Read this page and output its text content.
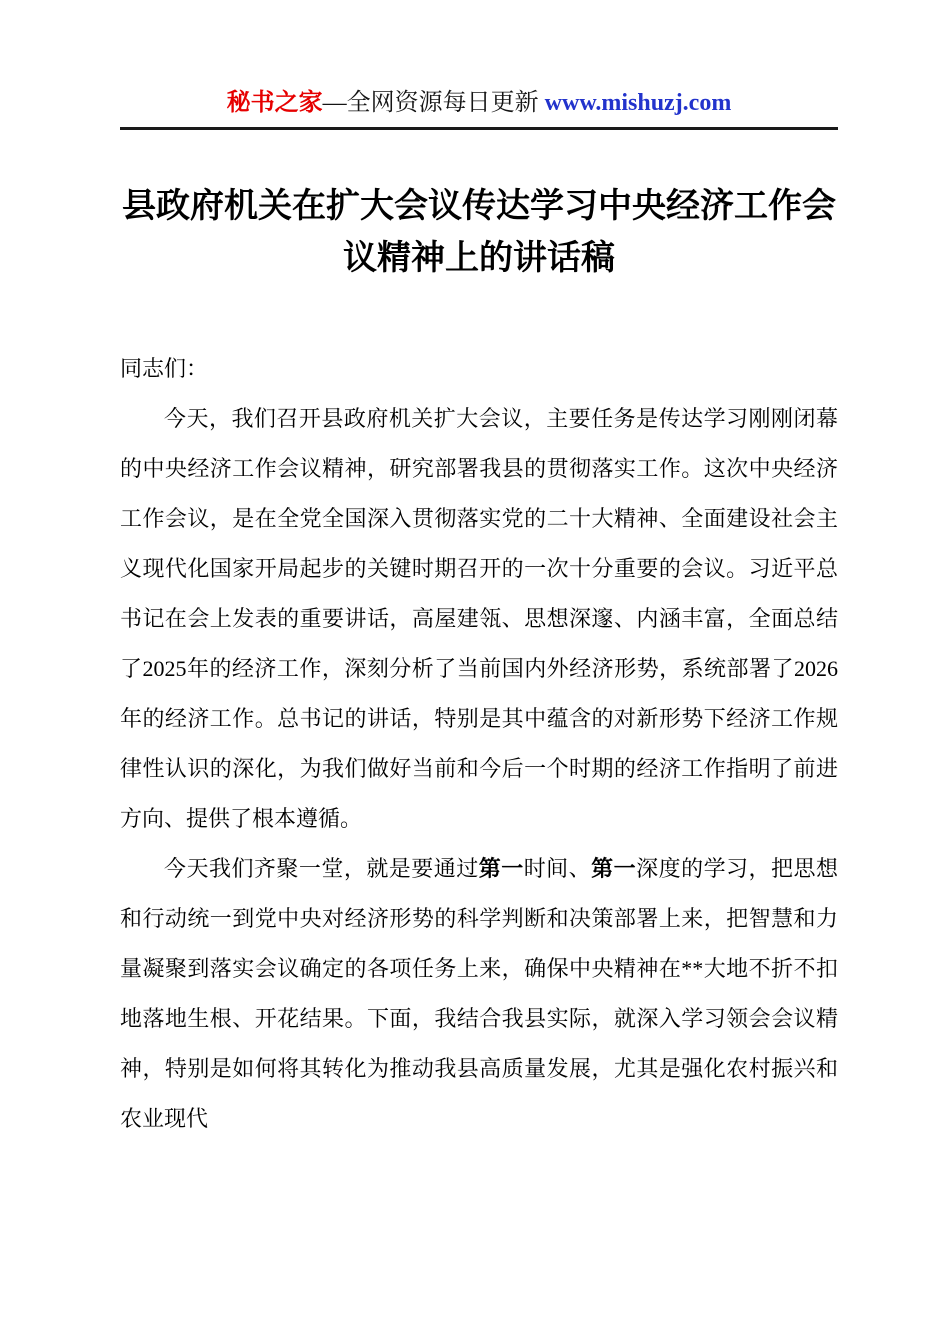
秘书之家—全网资源每日更新 www.mishuzj.com
县政府机关在扩大会议传达学习中央经济工作会议精神上的讲话稿

同志们：

今天，我们召开县政府机关扩大会议，主要任务是传达学习刚刚闭幕的中央经济工作会议精神，研究部署我县的贯彻落实工作。这次中央经济工作会议，是在全党全国深入贯彻落实党的二十大精神、全面建设社会主义现代化国家开局起步的关键时期召开的一次十分重要的会议。习近平总书记在会上发表的重要讲话，高屋建瓴、思想深邃、内涵丰富，全面总结了2025年的经济工作，深刻分析了当前国内外经济形势，系统部署了2026年的经济工作。总书记的讲话，特别是其中蕴含的对新形势下经济工作规律性认识的深化，为我们做好当前和今后一个时期的经济工作指明了前进方向、提供了根本遵循。

今天我们齐聚一堂，就是要通过第一时间、第一深度的学习，把思想和行动统一到党中央对经济形势的科学判断和决策部署上来，把智慧和力量凝聚到落实会议确定的各项任务上来，确保中央精神在**大地不折不扣地落地生根、开花结果。下面，我结合我县实际，就深入学习领会会议精神，特别是如何将其转化为推动我县高质量发展，尤其是强化农村振兴和农业现代
